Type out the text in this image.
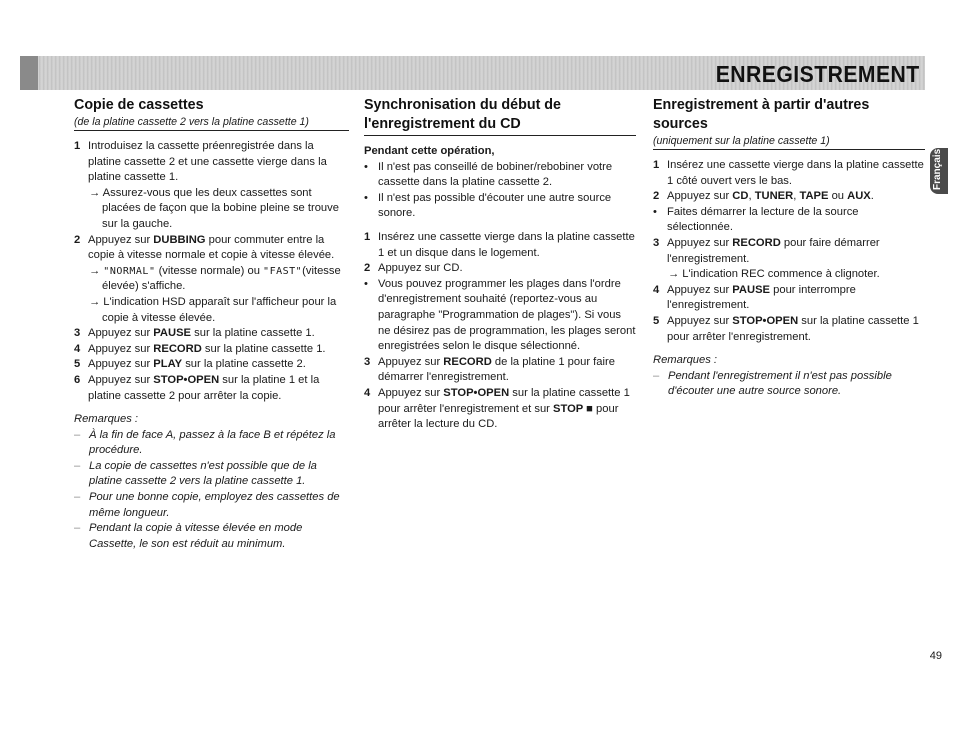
ENREGISTREMENT
Copie de cassettes
(de la platine cassette 2 vers la platine cassette 1)
1 Introduisez la cassette préenregistrée dans la platine cassette 2 et une cassette vierge dans la platine cassette 1.
→ Assurez-vous que les deux cassettes sont placées de façon que la bobine pleine se trouve sur la gauche.
2 Appuyez sur DUBBING pour commuter entre la copie à vitesse normale et copie à vitesse élevée.
→ "NORMAL" (vitesse normale) ou "FAST"(vitesse élevée) s'affiche.
→ L'indication HSD apparaît sur l'afficheur pour la copie à vitesse élevée.
3 Appuyez sur PAUSE sur la platine cassette 1.
4 Appuyez sur RECORD sur la platine cassette 1.
5 Appuyez sur PLAY sur la platine cassette 2.
6 Appuyez sur STOP•OPEN sur la platine 1 et la platine cassette 2 pour arrêter la copie.
Remarques :
– À la fin de face A, passez à la face B et répétez la procédure.
– La copie de cassettes n'est possible que de la platine cassette 2 vers la platine cassette 1.
– Pour une bonne copie, employez des cassettes de même longueur.
– Pendant la copie à vitesse élevée en mode Cassette, le son est réduit au minimum.
Synchronisation du début de l'enregistrement du CD
Pendant cette opération,
• Il n'est pas conseillé de bobiner/rebobiner votre cassette dans la platine cassette 2.
• Il n'est pas possible d'écouter une autre source sonore.
1 Insérez une cassette vierge dans la platine cassette 1 et un disque dans le logement.
2 Appuyez sur CD.
• Vous pouvez programmer les plages dans l'ordre d'enregistrement souhaité (reportez-vous au paragraphe "Programmation de plages"). Si vous ne désirez pas de programmation, les plages seront enregistrées selon le disque sélectionné.
3 Appuyez sur RECORD de la platine 1 pour faire démarrer l'enregistrement.
4 Appuyez sur STOP•OPEN sur la platine cassette 1 pour arrêter l'enregistrement et sur STOP ■ pour arrêter la lecture du CD.
Enregistrement à partir d'autres sources
(uniquement sur la platine cassette 1)
1 Insérez une cassette vierge dans la platine cassette 1 côté ouvert vers le bas.
2 Appuyez sur CD, TUNER, TAPE ou AUX.
• Faites démarrer la lecture de la source sélectionnée.
3 Appuyez sur RECORD pour faire démarrer l'enregistrement.
→ L'indication REC commence à clignoter.
4 Appuyez sur PAUSE pour interrompre l'enregistrement.
5 Appuyez sur STOP•OPEN sur la platine cassette 1 pour arrêter l'enregistrement.
Remarques :
– Pendant l'enregistrement il n'est pas possible d'écouter une autre source sonore.
Français
49
